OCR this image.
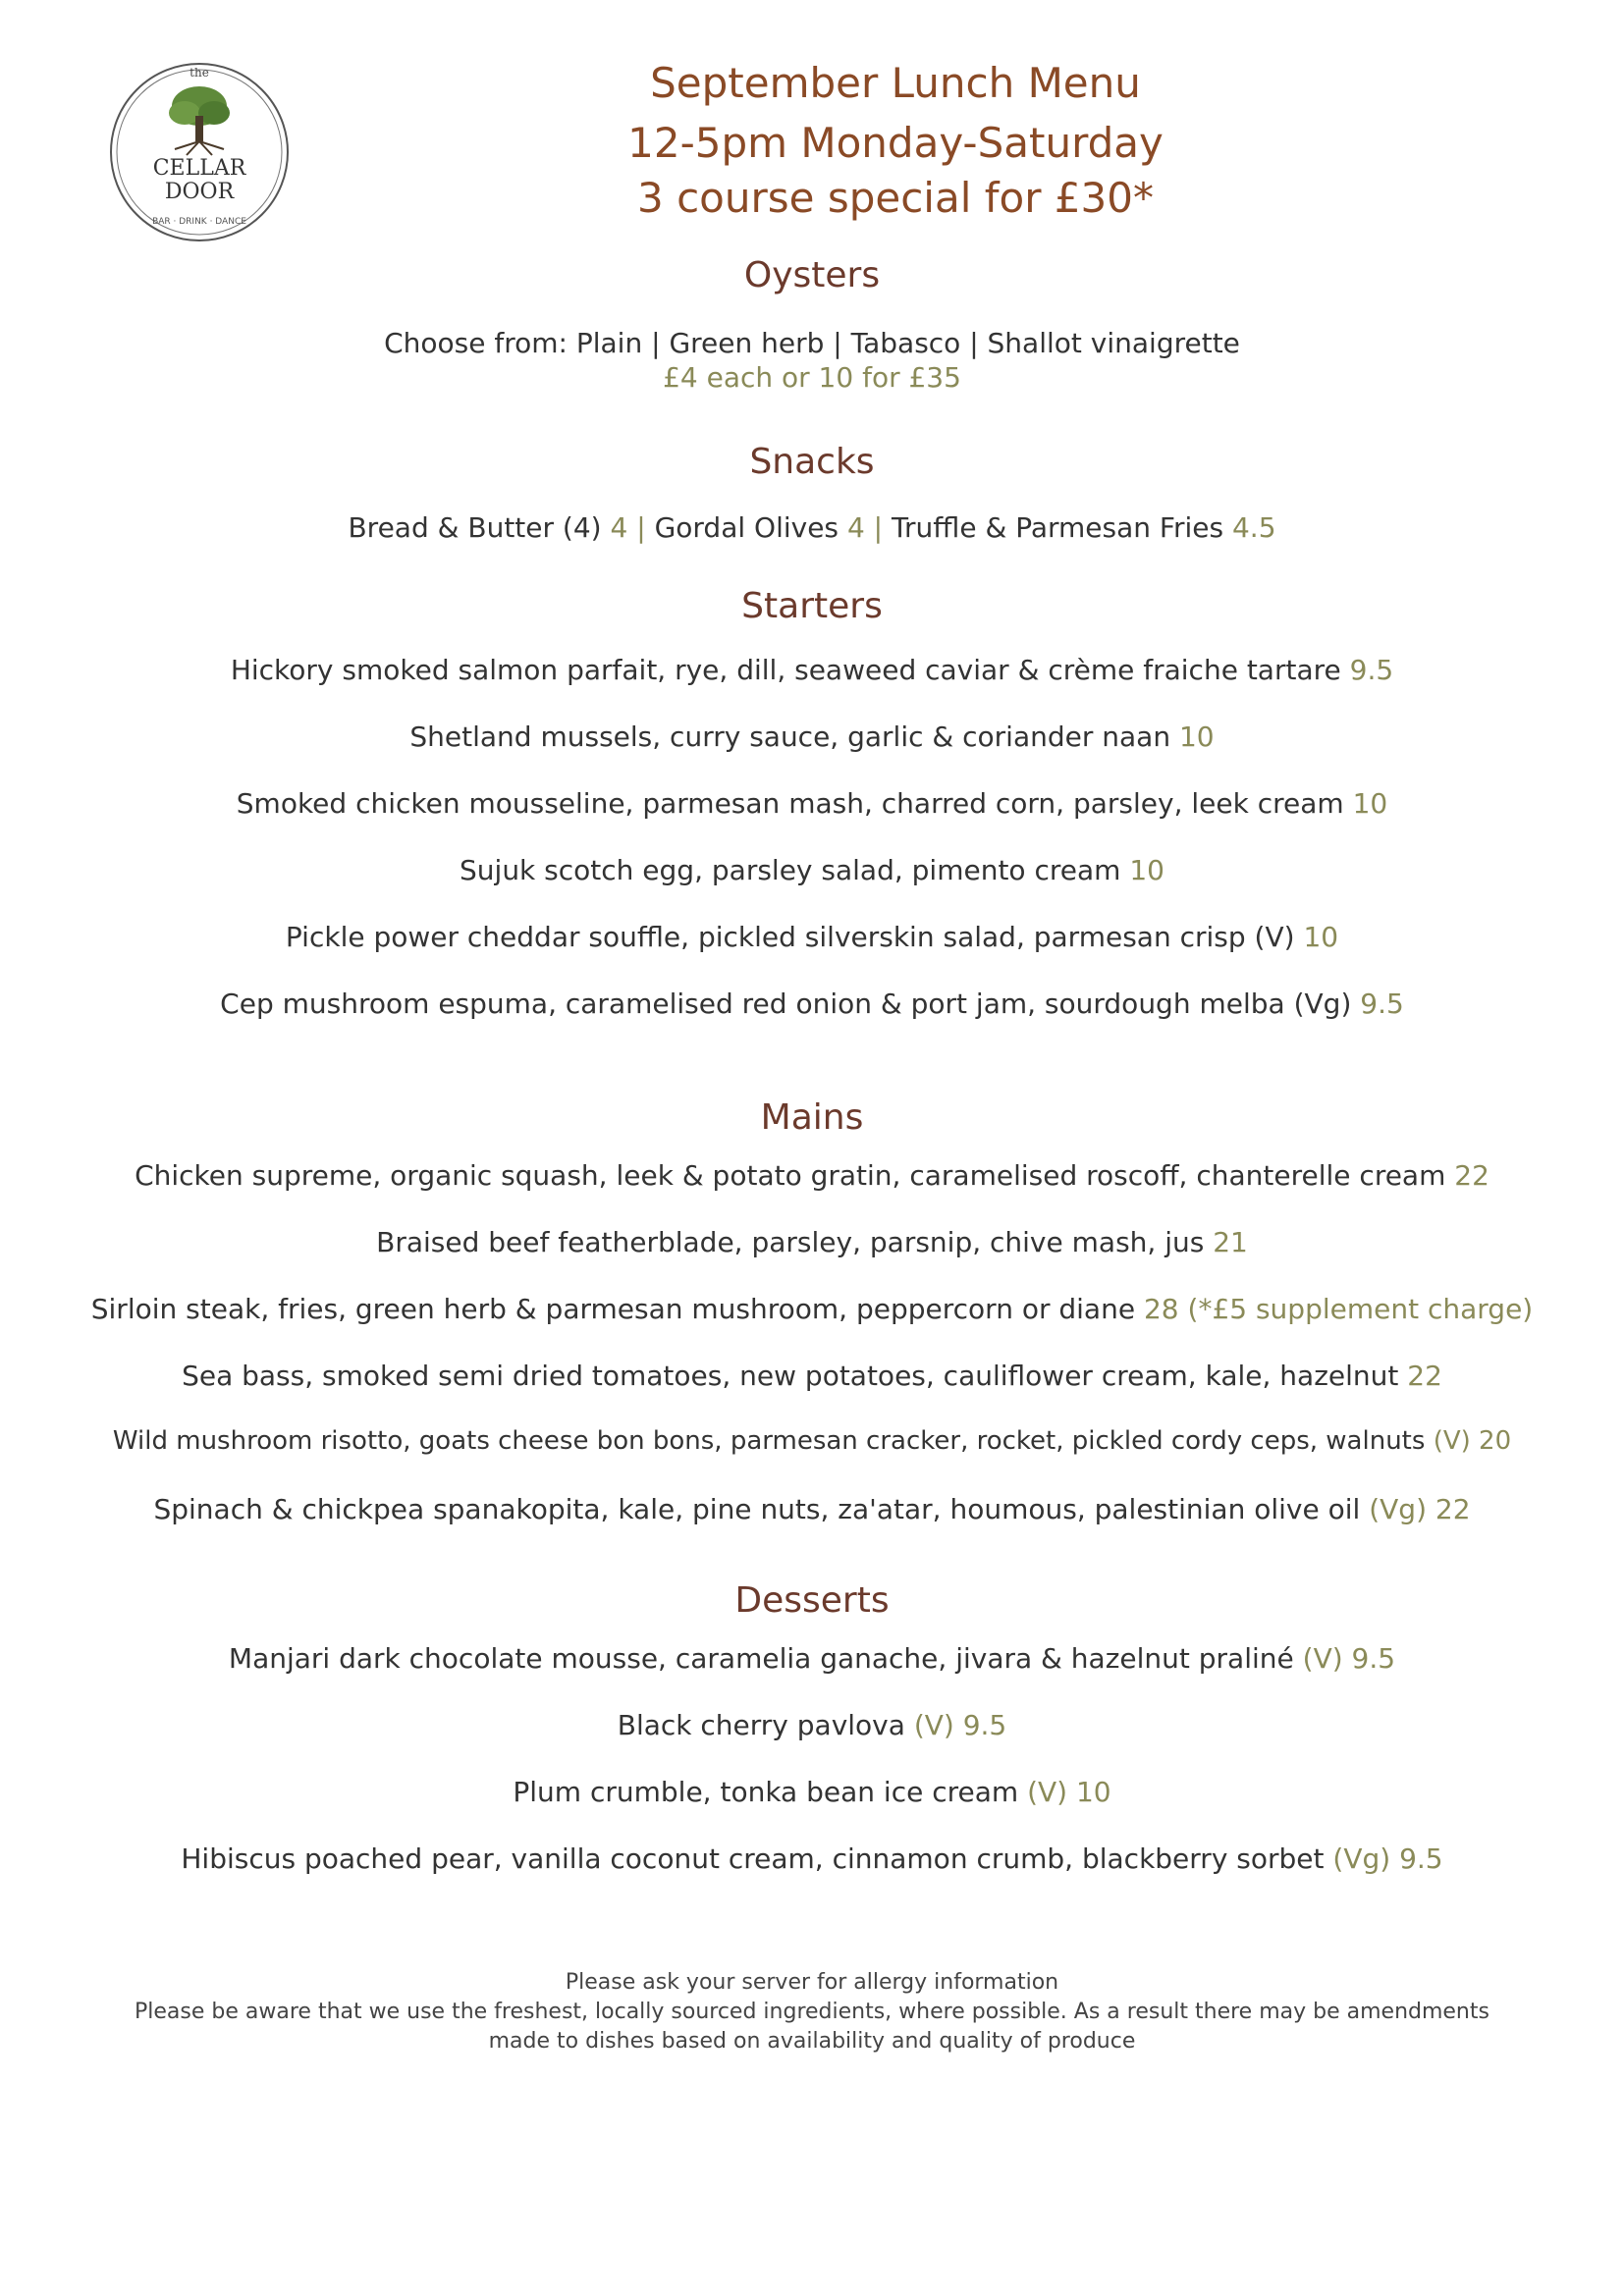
the
CELLAR
DOOR
BAR · DRINK · DANCE
September Lunch Menu
12-5pm Monday-Saturday
3 course special for £30*
Oysters
Choose from: Plain | Green herb | Tabasco | Shallot vinaigrette
£4 each or 10 for £35
Snacks
Bread & Butter (4) 4 | Gordal Olives 4 | Truffle & Parmesan Fries 4.5
Starters
Hickory smoked salmon parfait, rye, dill, seaweed caviar & crème fraiche tartare 9.5
Shetland mussels, curry sauce, garlic & coriander naan 10
Smoked chicken mousseline, parmesan mash, charred corn, parsley, leek cream 10
Sujuk scotch egg, parsley salad, pimento cream 10
Pickle power cheddar souffle, pickled silverskin salad, parmesan crisp (V) 10
Cep mushroom espuma, caramelised red onion & port jam, sourdough melba (Vg) 9.5
Mains
Chicken supreme, organic squash, leek & potato gratin, caramelised roscoff, chanterelle cream 22
Braised beef featherblade, parsley, parsnip, chive mash, jus 21
Sirloin steak, fries, green herb & parmesan mushroom, peppercorn or diane 28 (*£5 supplement charge)
Sea bass, smoked semi dried tomatoes, new potatoes, cauliflower cream, kale, hazelnut 22
Wild mushroom risotto, goats cheese bon bons, parmesan cracker, rocket, pickled cordy ceps, walnuts (V) 20
Spinach & chickpea spanakopita, kale, pine nuts, za'atar, houmous, palestinian olive oil (Vg) 22
Desserts
Manjari dark chocolate mousse, caramelia ganache, jivara & hazelnut praliné (V) 9.5
Black cherry pavlova (V) 9.5
Plum crumble, tonka bean ice cream (V) 10
Hibiscus poached pear, vanilla coconut cream, cinnamon crumb, blackberry sorbet (Vg) 9.5
Please ask your server for allergy information
Please be aware that we use the freshest, locally sourced ingredients, where possible. As a result there may be amendments
made to dishes based on availability and quality of produce
